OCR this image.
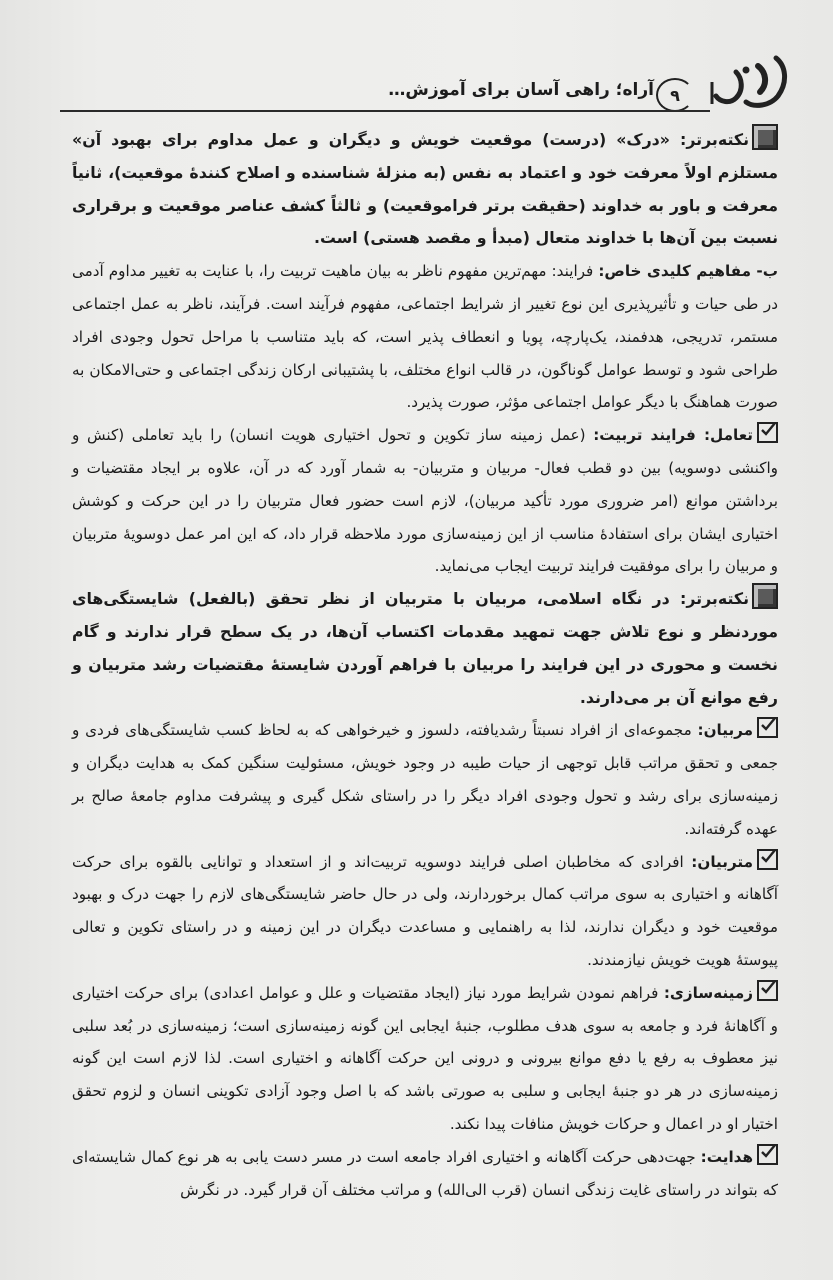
۹
آراه؛ راهی آسان برای آموزش…

نکته‌برتر: «درک» (درست) موقعیت خویش و دیگران و عمل مداوم برای بهبود آن» مستلزم اولاً معرفت خود و اعتماد به نفس (به منزلهٔ شناسنده و اصلاح کنندهٔ موقعیت)، ثانیاً معرفت و باور به خداوند (حقیقت برتر فراموقعیت) و ثالثاً کشف عناصر موقعیت و برقراری نسبت بین آن‌ها با خداوند متعال (مبدأ و مقصد هستی) است.

ب- مفاهیم کلیدی خاص: فرایند: مهم‌ترین مفهوم ناظر به بیان ماهیت تربیت را، با عنایت به تغییر مداوم آدمی در طی حیات و تأثیرپذیری این نوع تغییر از شرایط اجتماعی، مفهوم فرآیند است. فرآیند، ناظر به عمل اجتماعی مستمر، تدریجی، هدفمند، یک‌پارچه، پویا و انعطاف پذیر است، که باید متناسب با مراحل تحول وجودی افراد طراحی شود و توسط عوامل گوناگون، در قالب انواع مختلف، با پشتیبانی ارکان زندگی اجتماعی و حتی‌الامکان به صورت هماهنگ با دیگر عوامل اجتماعی مؤثر، صورت پذیرد.

تعامل: فرایند تربیت: (عمل زمینه ساز تکوین و تحول اختیاری هویت انسان) را باید تعاملی (کنش و واکنشی دوسویه) بین دو قطب فعال- مربیان و متربیان- به شمار آورد که در آن، علاوه بر ایجاد مقتضیات و برداشتن موانع (امر ضروری مورد تأکید مربیان)، لازم است حضور فعال متربیان را در این حرکت و کوشش اختیاری ایشان برای استفادهٔ مناسب از این زمینه‌سازی مورد ملاحظه قرار داد، که این امر عمل دوسویهٔ متربیان و مربیان را برای موفقیت فرایند تربیت ایجاب می‌نماید.

نکته‌برتر: در نگاه اسلامی، مربیان با متربیان از نظر تحقق (بالفعل) شایستگی‌های موردنظر و نوع تلاش جهت تمهید مقدمات اکتساب آن‌ها، در یک سطح قرار ندارند و گام نخست و محوری در این فرایند را مربیان با فراهم آوردن شایستهٔ مقتضیات رشد متربیان و رفع موانع آن بر می‌دارند.

مربیان: مجموعه‌ای از افراد نسبتاً رشدیافته، دلسوز و خیرخواهی که به لحاظ کسب شایستگی‌های فردی و جمعی و تحقق مراتب قابل توجهی از حیات طیبه در وجود خویش، مسئولیت سنگین کمک به هدایت دیگران و زمینه‌سازی برای رشد و تحول وجودی افراد دیگر را در راستای شکل گیری و پیشرفت مداوم جامعهٔ صالح بر عهده گرفته‌اند.

متربیان: افرادی که مخاطبان اصلی فرایند دوسویه تربیت‌اند و از استعداد و توانایی بالقوه برای حرکت آگاهانه و اختیاری به سوی مراتب کمال برخوردارند، ولی در حال حاضر شایستگی‌های لازم را جهت درک و بهبود موقعیت خود و دیگران ندارند، لذا به راهنمایی و مساعدت دیگران در این زمینه و در راستای تکوین و تعالی پیوستهٔ هویت خویش نیازمندند.

زمینه‌سازی: فراهم نمودن شرایط مورد نیاز (ایجاد مقتضیات و علل و عوامل اعدادی) برای حرکت اختیاری و آگاهانهٔ فرد و جامعه به سوی هدف مطلوب، جنبهٔ ایجابی این گونه زمینه‌سازی است؛ زمینه‌سازی در بُعد سلبی نیز معطوف به رفع یا دفع موانع بیرونی و درونی این حرکت آگاهانه و اختیاری است. لذا لازم است این گونه زمینه‌سازی در هر دو جنبهٔ ایجابی و سلبی به صورتی باشد که با اصل وجود آزادی تکوینی انسان و لزوم تحقق اختیار او در اعمال و حرکات خویش منافات پیدا نکند.

هدایت: جهت‌دهی حرکت آگاهانه و اختیاری افراد جامعه است در مسر دست یابی به هر نوع کمال شایسته‌ای که بتواند در راستای غایت زندگی انسان (قرب الی‌الله) و مراتب مختلف آن قرار گیرد. در نگرش
